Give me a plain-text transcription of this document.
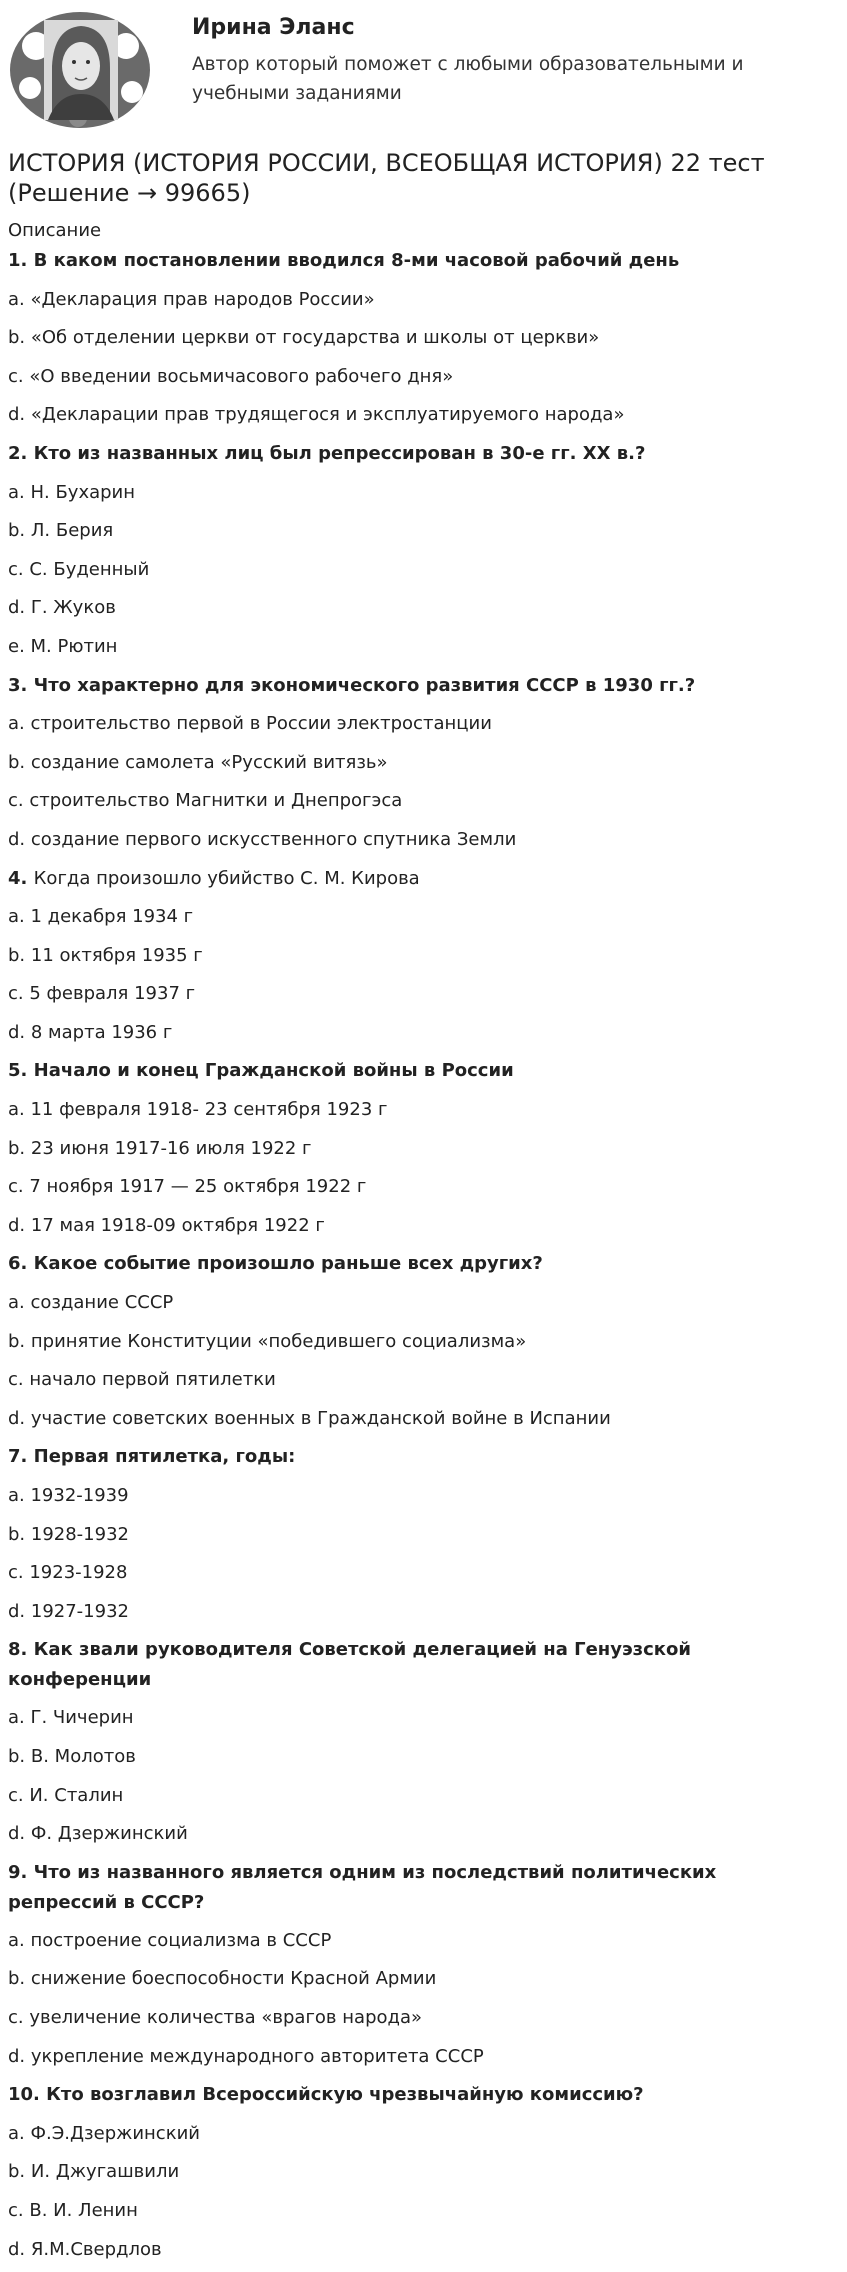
Ирина Эланс
Автор который поможет с любыми образовательными и учебными заданиями
ИСТОРИЯ (ИСТОРИЯ РОССИИ, ВСЕОБЩАЯ ИСТОРИЯ) 22 тест (Решение → 99665)
Описание
1. В каком постановлении вводился 8-ми часовой рабочий день
a. «Декларация прав народов России»
b. «Об отделении церкви от государства и школы от церкви»
c. «О введении восьмичасового рабочего дня»
d. «Декларации прав трудящегося и эксплуатируемого народа»
2. Кто из названных лиц был репрессирован в 30-е гг. XX в.?
a. Н. Бухарин
b. Л. Берия
c. С. Буденный
d. Г. Жуков
e. М. Рютин
3. Что характерно для экономического развития СССР в 1930 гг.?
a. строительство первой в России электростанции
b. создание самолета «Русский витязь»
c. строительство Магнитки и Днепрогэса
d. создание первого искусственного спутника Земли
4. Когда произошло убийство С. М. Кирова
a. 1 декабря 1934 г
b. 11 октября 1935 г
c. 5 февраля 1937 г
d. 8 марта 1936 г
5. Начало и конец Гражданской войны в России
a. 11 февраля 1918- 23 сентября 1923 г
b. 23 июня 1917-16 июля 1922 г
c. 7 ноября 1917 — 25 октября 1922 г
d. 17 мая 1918-09 октября 1922 г
6. Какое событие произошло раньше всех других?
a. создание СССР
b. принятие Конституции «победившего социализма»
c. начало первой пятилетки
d. участие советских военных в Гражданской войне в Испании
7. Первая пятилетка, годы:
a. 1932-1939
b. 1928-1932
c. 1923-1928
d. 1927-1932
8. Как звали руководителя Советской делегацией на Генуэзской конференции
a. Г. Чичерин
b. В. Молотов
c. И. Сталин
d. Ф. Дзержинский
9. Что из названного является одним из последствий политических репрессий в СССР?
a. построение социализма в СССР
b. снижение боеспособности Красной Армии
c. увеличение количества «врагов народа»
d. укрепление международного авторитета СССР
10. Кто возглавил Всероссийскую чрезвычайную комиссию?
a. Ф.Э.Дзержинский
b. И. Джугашвили
c. В. И. Ленин
d. Я.М.Свердлов
